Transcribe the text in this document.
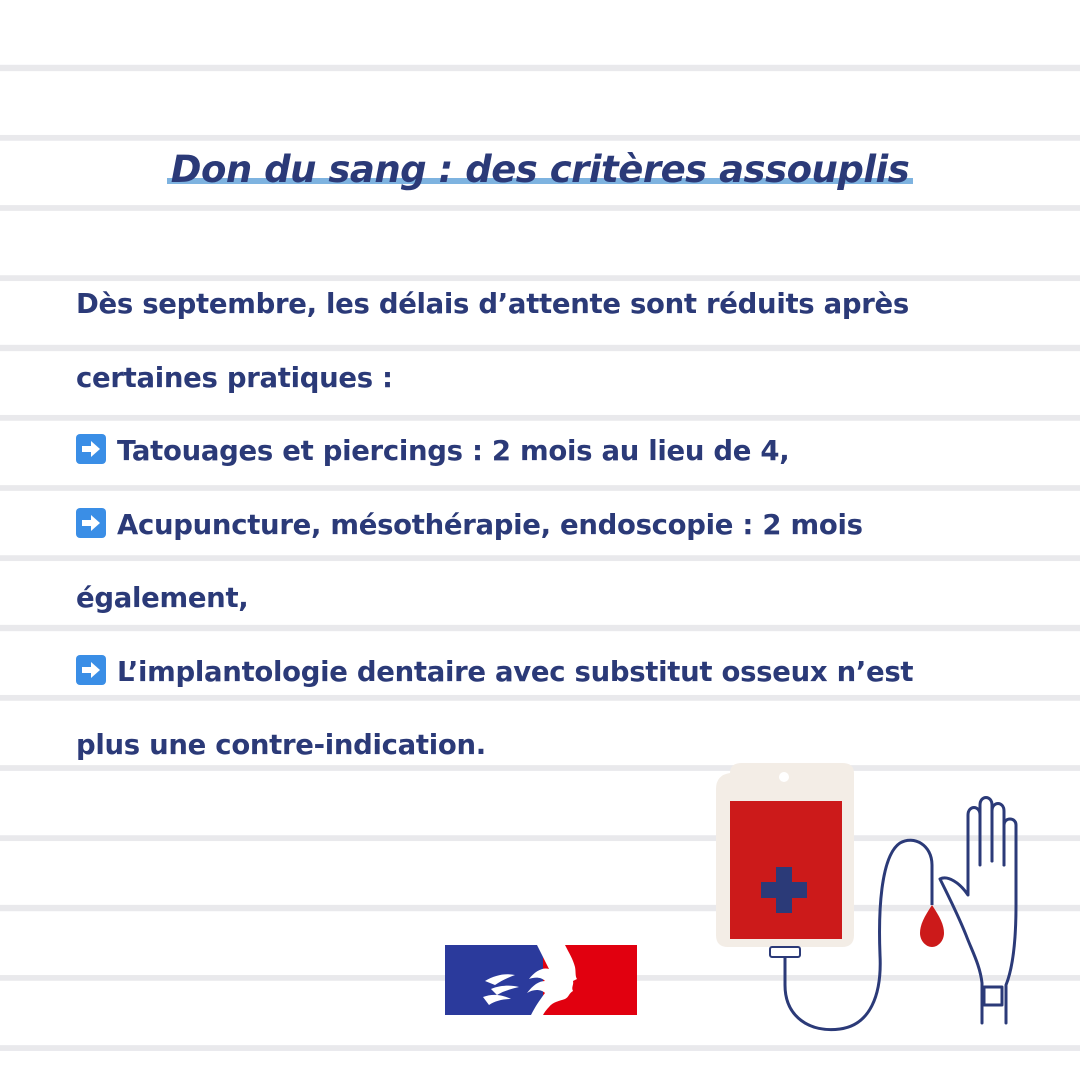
Don du sang : des critères assouplis

Dès septembre, les délais d’attente sont réduits après certaines pratiques :

Tatouages et piercings : 2 mois au lieu de 4,

Acupuncture, mésothérapie, endoscopie : 2 mois également,

L’implantologie dentaire avec substitut osseux n’est plus une contre-indication.
